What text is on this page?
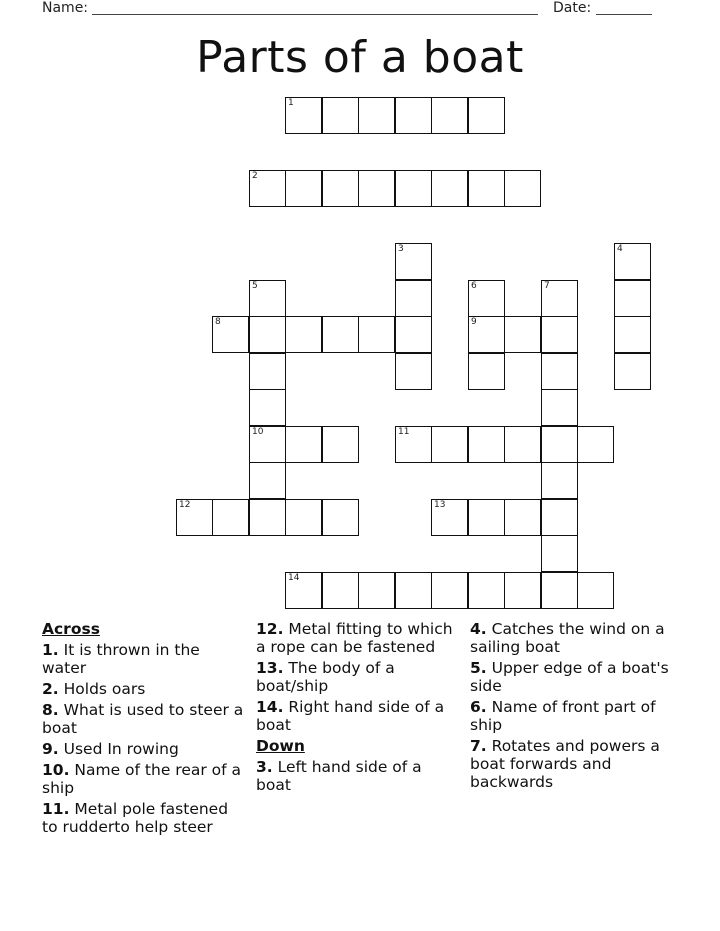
Name:	Date:
Parts of a boat
1
2
3	4
5	6	7
8	9
10	11
12	13
14
Across
1. It is thrown in the water
2. Holds oars
8. What is used to steer a boat
9. Used In rowing
10. Name of the rear of a ship
11. Metal pole fastened to rudderto help steer
12. Metal fitting to which a rope can be fastened
13. The body of a boat/ship
14. Right hand side of a boat
Down
3. Left hand side of a boat
4. Catches the wind on a sailing boat
5. Upper edge of a boat's side
6. Name of front part of ship
7. Rotates and powers a boat forwards and backwards
